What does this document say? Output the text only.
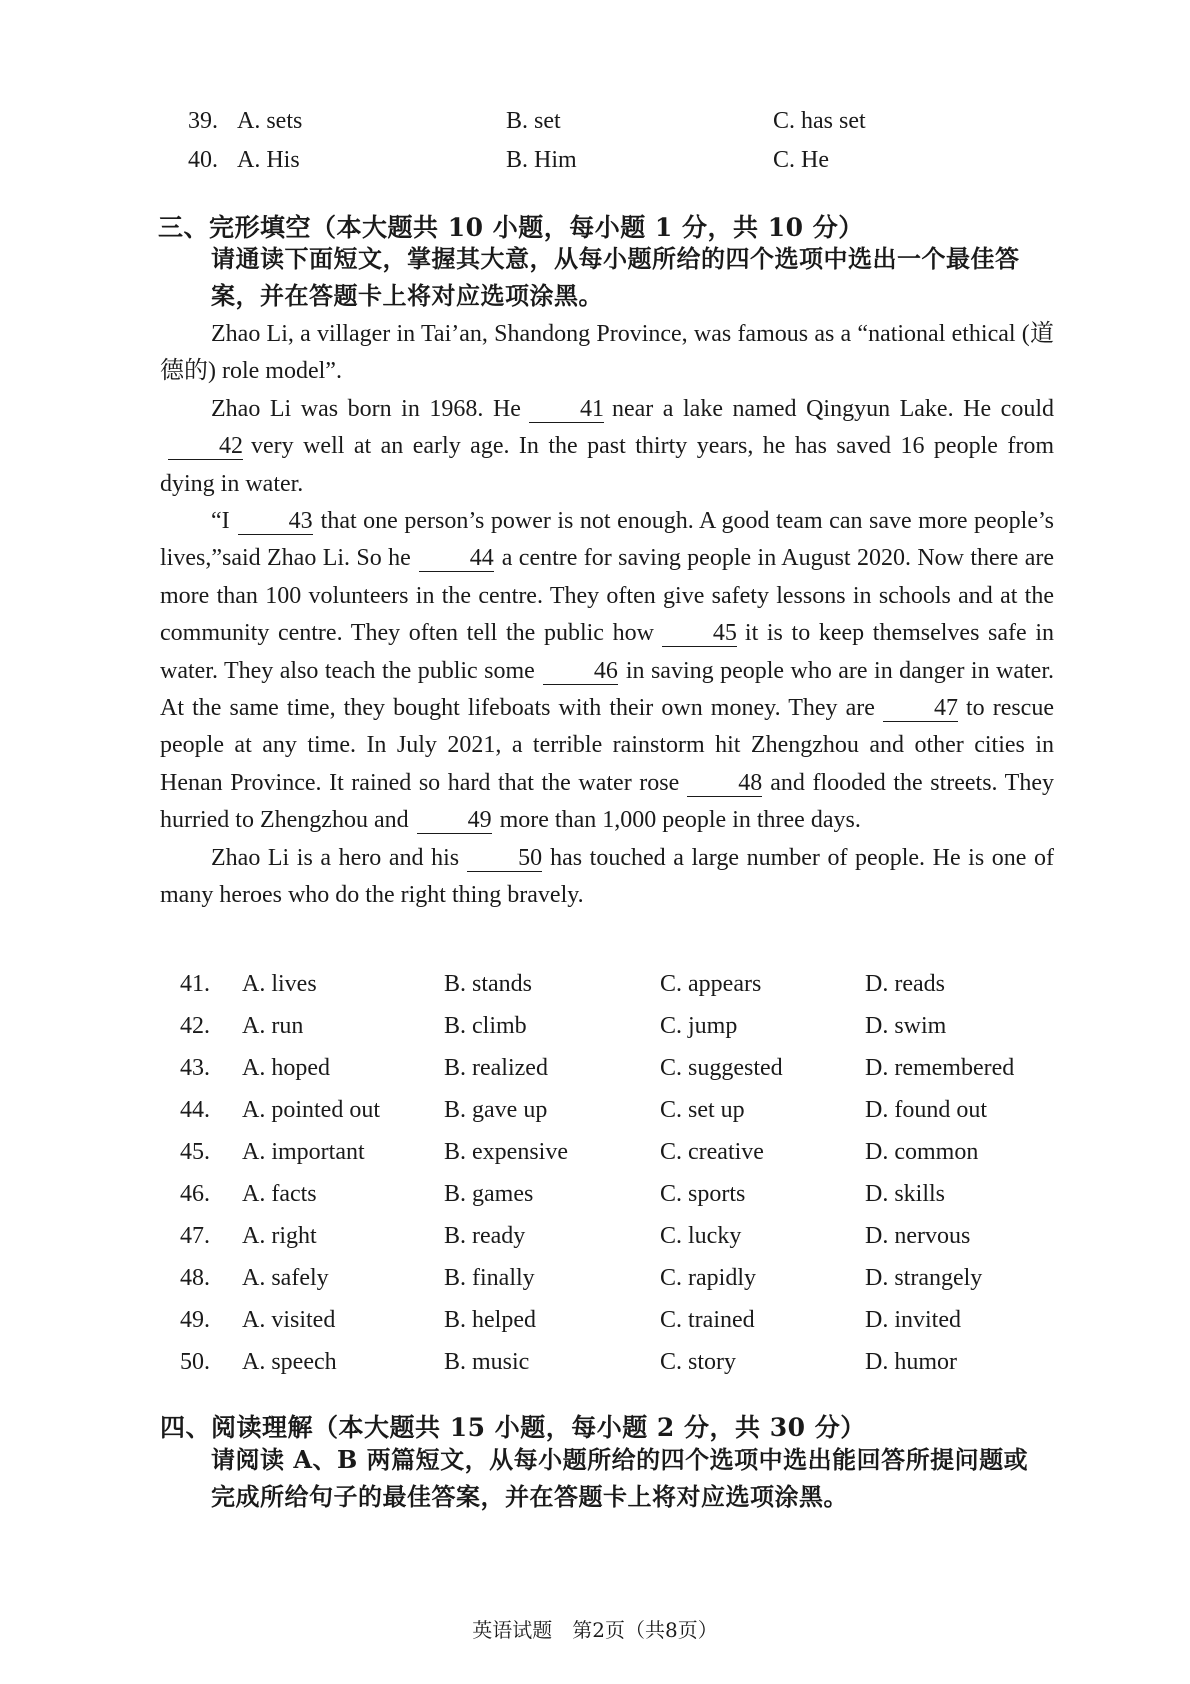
39. A. sets	B. set	C. has set
40. A. His	B. Him	C. He
三、完形填空（本大题共 10 小题，每小题 1 分，共 10 分）
请通读下面短文，掌握其大意，从每小题所给的四个选项中选出一个最佳答案，并在答题卡上将对应选项涂黑。

Zhao Li, a villager in Tai’an, Shandong Province, was famous as a “national ethical (道德的) role model”.

Zhao Li was born in 1968. He 41 near a lake named Qingyun Lake. He could42 very well at an early age. In the past thirty years, he has saved 16 people from dying in water.

“I 43 that one person’s power is not enough. A good team can save more people’s lives,”said Zhao Li. So he 44 a centre for saving people in August 2020. Now there are more than 100 volunteers in the centre. They often give safety lessons in schools and at the community centre. They often tell the public how 45 it is to keep themselves safe in water. They also teach the public some 46 in saving people who are in danger in water. At the same time, they bought lifeboats with their own money. They are 47 to rescue people at any time. In July 2021, a terrible rainstorm hit Zhengzhou and other cities in Henan Province. It rained so hard that the water rose 48 and flooded the streets. They hurried to Zhengzhou and 49 more than 1,000 people in three days.

Zhao Li is a hero and his 50 has touched a large number of people. He is one of many heroes who do the right thing bravely.

41. A. lives	B. stands	C. appears	D. reads
42. A. run	B. climb	C. jump	D. swim
43. A. hoped	B. realized	C. suggested	D. remembered
44. A. pointed out	B. gave up	C. set up	D. found out
45. A. important	B. expensive	C. creative	D. common
46. A. facts	B. games	C. sports	D. skills
47. A. right	B. ready	C. lucky	D. nervous
48. A. safely	B. finally	C. rapidly	D. strangely
49. A. visited	B. helped	C. trained	D. invited
50. A. speech	B. music	C. story	D. humor
四、阅读理解（本大题共 15 小题，每小题 2 分，共 30 分）
请阅读 A、B 两篇短文，从每小题所给的四个选项中选出能回答所提问题或完成所给句子的最佳答案，并在答题卡上将对应选项涂黑。
英语试题　第2页（共8页）
